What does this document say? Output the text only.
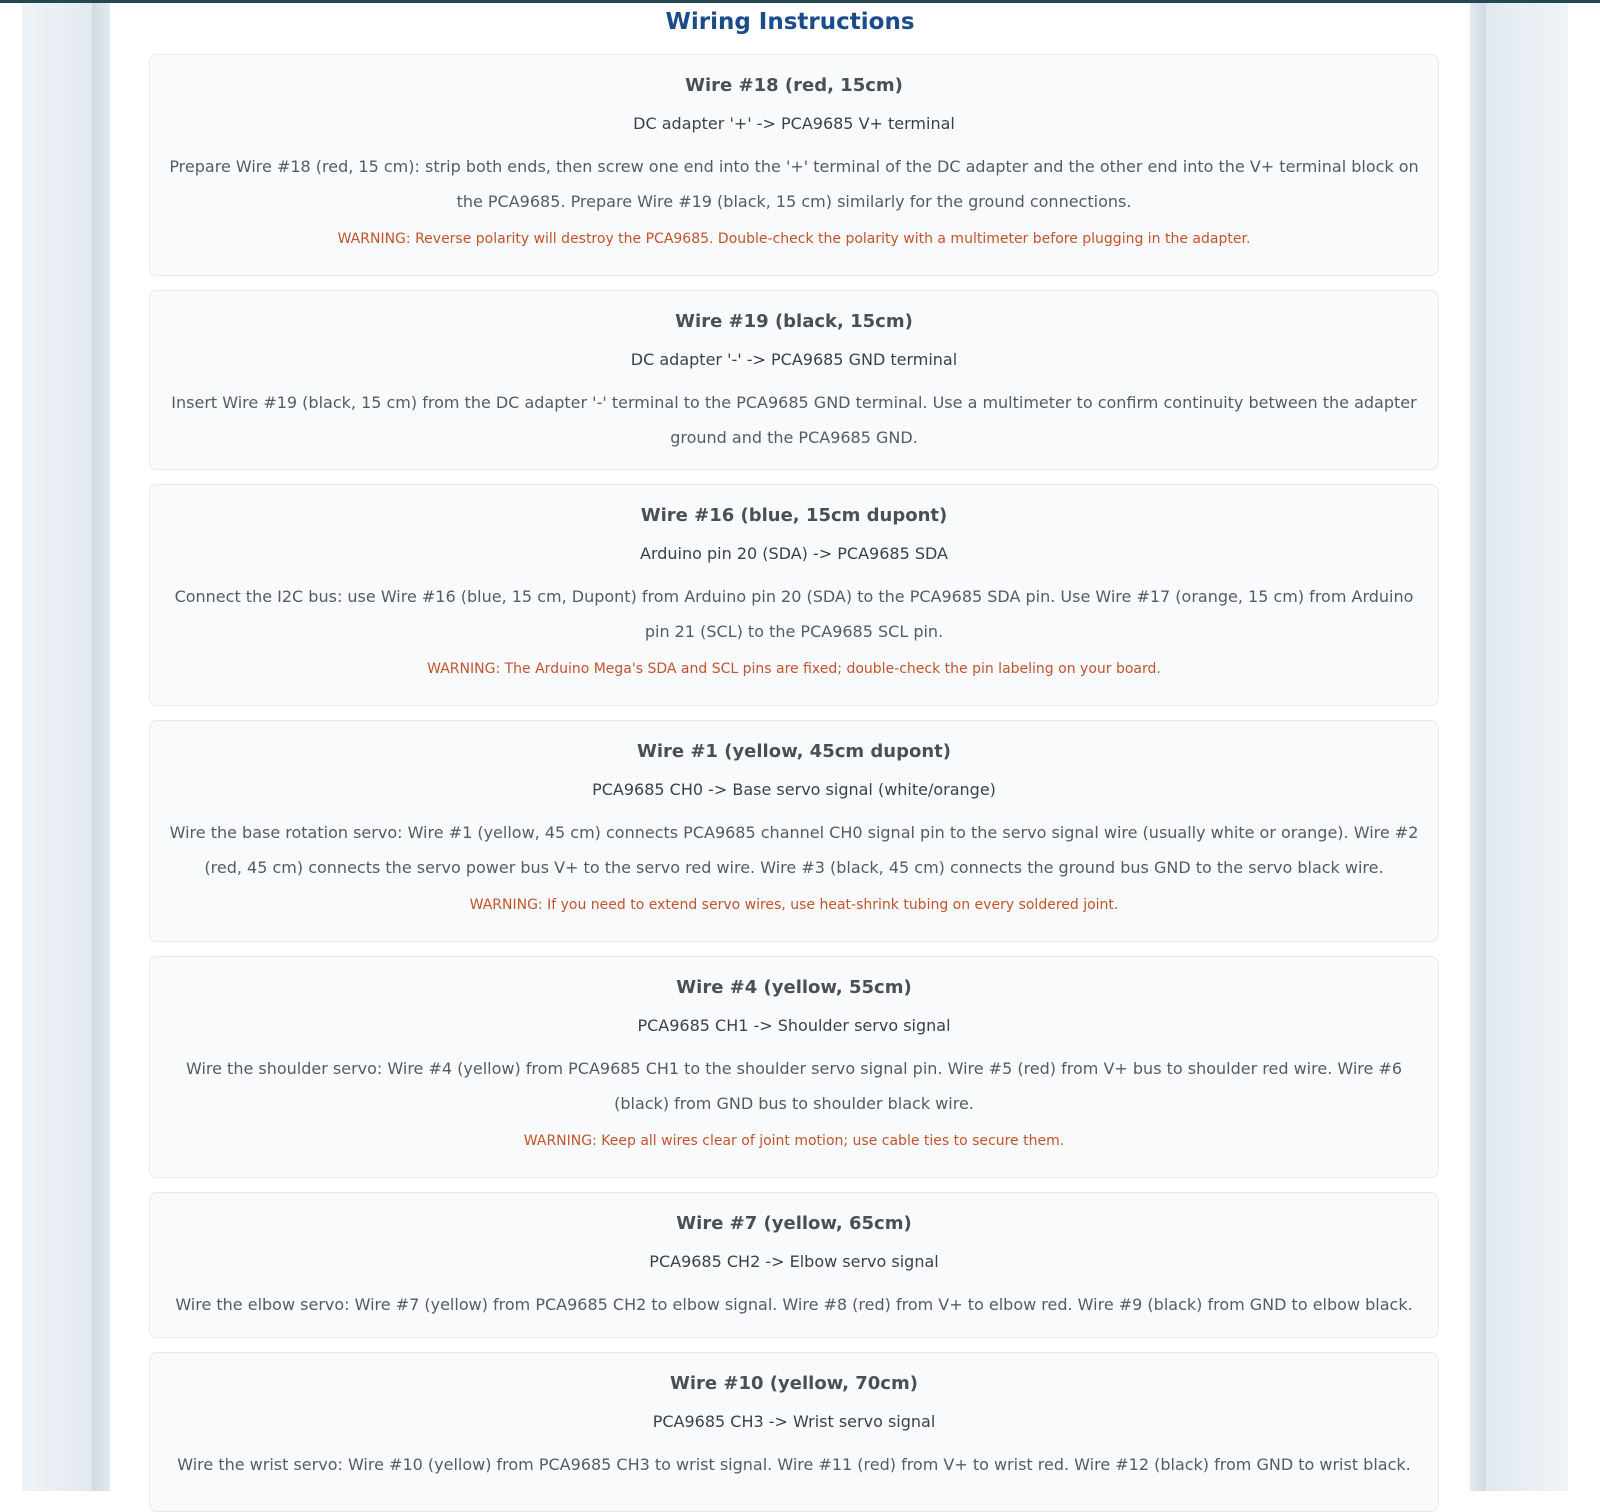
Wiring Instructions
Wire #18 (red, 15cm)
DC adapter '+' -> PCA9685 V+ terminal
Prepare Wire #18 (red, 15 cm): strip both ends, then screw one end into the '+' terminal of the DC adapter and the other end into the V+ terminal block on the PCA9685. Prepare Wire #19 (black, 15 cm) similarly for the ground connections.
WARNING: Reverse polarity will destroy the PCA9685. Double-check the polarity with a multimeter before plugging in the adapter.
Wire #19 (black, 15cm)
DC adapter '-' -> PCA9685 GND terminal
Insert Wire #19 (black, 15 cm) from the DC adapter '-' terminal to the PCA9685 GND terminal. Use a multimeter to confirm continuity between the adapter ground and the PCA9685 GND.
Wire #16 (blue, 15cm dupont)
Arduino pin 20 (SDA) -> PCA9685 SDA
Connect the I2C bus: use Wire #16 (blue, 15 cm, Dupont) from Arduino pin 20 (SDA) to the PCA9685 SDA pin. Use Wire #17 (orange, 15 cm) from Arduino pin 21 (SCL) to the PCA9685 SCL pin.
WARNING: The Arduino Mega's SDA and SCL pins are fixed; double-check the pin labeling on your board.
Wire #1 (yellow, 45cm dupont)
PCA9685 CH0 -> Base servo signal (white/orange)
Wire the base rotation servo: Wire #1 (yellow, 45 cm) connects PCA9685 channel CH0 signal pin to the servo signal wire (usually white or orange). Wire #2 (red, 45 cm) connects the servo power bus V+ to the servo red wire. Wire #3 (black, 45 cm) connects the ground bus GND to the servo black wire.
WARNING: If you need to extend servo wires, use heat-shrink tubing on every soldered joint.
Wire #4 (yellow, 55cm)
PCA9685 CH1 -> Shoulder servo signal
Wire the shoulder servo: Wire #4 (yellow) from PCA9685 CH1 to the shoulder servo signal pin. Wire #5 (red) from V+ bus to shoulder red wire. Wire #6 (black) from GND bus to shoulder black wire.
WARNING: Keep all wires clear of joint motion; use cable ties to secure them.
Wire #7 (yellow, 65cm)
PCA9685 CH2 -> Elbow servo signal
Wire the elbow servo: Wire #7 (yellow) from PCA9685 CH2 to elbow signal. Wire #8 (red) from V+ to elbow red. Wire #9 (black) from GND to elbow black.
Wire #10 (yellow, 70cm)
PCA9685 CH3 -> Wrist servo signal
Wire the wrist servo: Wire #10 (yellow) from PCA9685 CH3 to wrist signal. Wire #11 (red) from V+ to wrist red. Wire #12 (black) from GND to wrist black.
